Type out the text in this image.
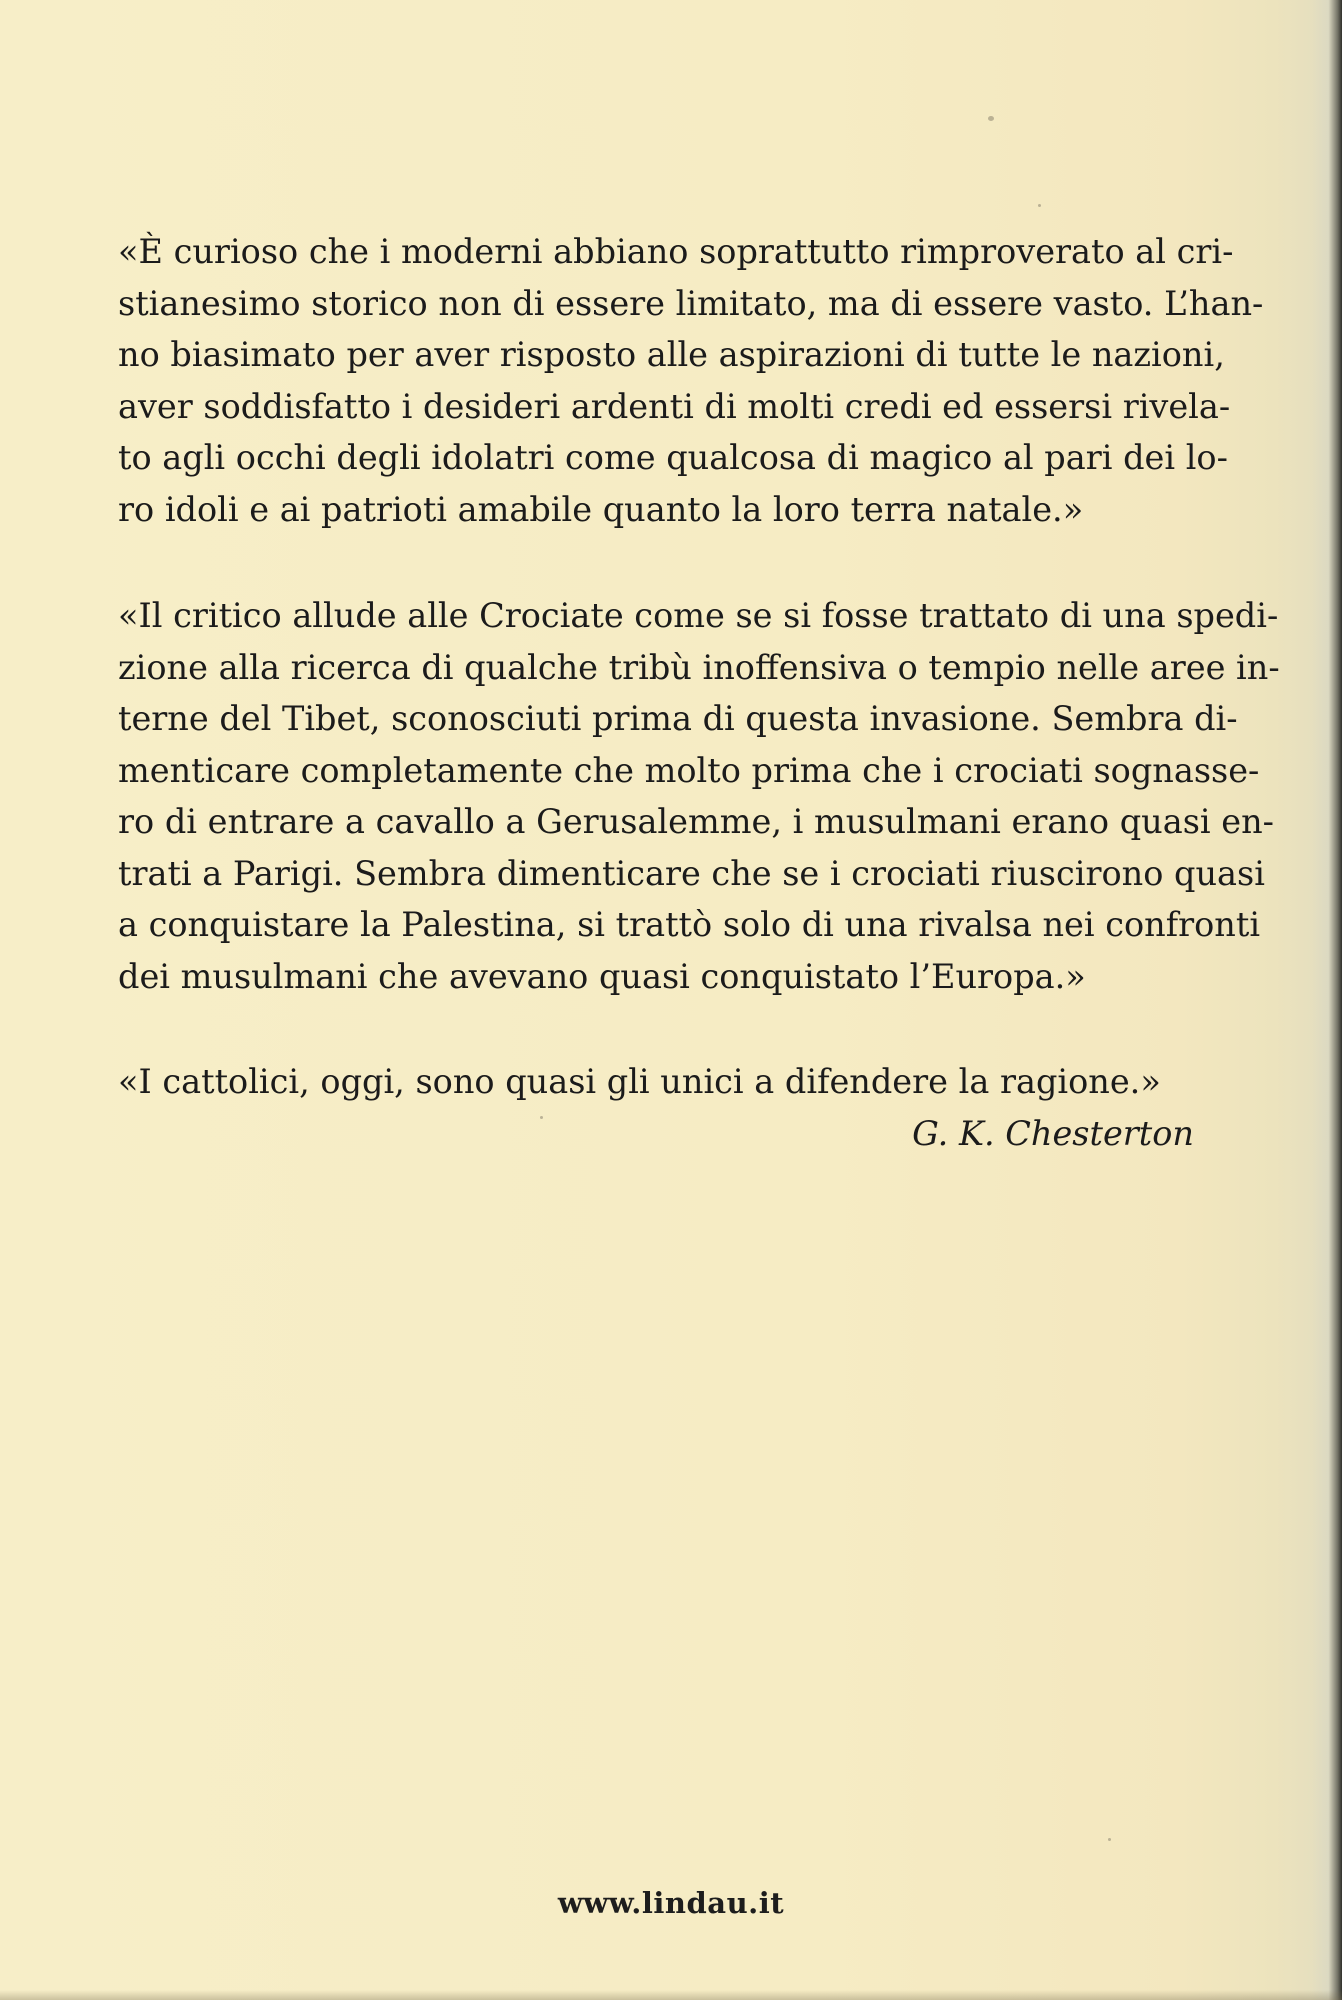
«È curioso che i moderni abbiano soprattutto rimproverato al cri-
stianesimo storico non di essere limitato, ma di essere vasto. L’han-
no biasimato per aver risposto alle aspirazioni di tutte le nazioni,
aver soddisfatto i desideri ardenti di molti credi ed essersi rivela-
to agli occhi degli idolatri come qualcosa di magico al pari dei lo-
ro idoli e ai patrioti amabile quanto la loro terra natale.»

«Il critico allude alle Crociate come se si fosse trattato di una spedi-
zione alla ricerca di qualche tribù inoffensiva o tempio nelle aree in-
terne del Tibet, sconosciuti prima di questa invasione. Sembra di-
menticare completamente che molto prima che i crociati sognasse-
ro di entrare a cavallo a Gerusalemme, i musulmani erano quasi en-
trati a Parigi. Sembra dimenticare che se i crociati riuscirono quasi
a conquistare la Palestina, si trattò solo di una rivalsa nei confronti
dei musulmani che avevano quasi conquistato l’Europa.»

«I cattolici, oggi, sono quasi gli unici a difendere la ragione.»

G. K. Chesterton

www.lindau.it
